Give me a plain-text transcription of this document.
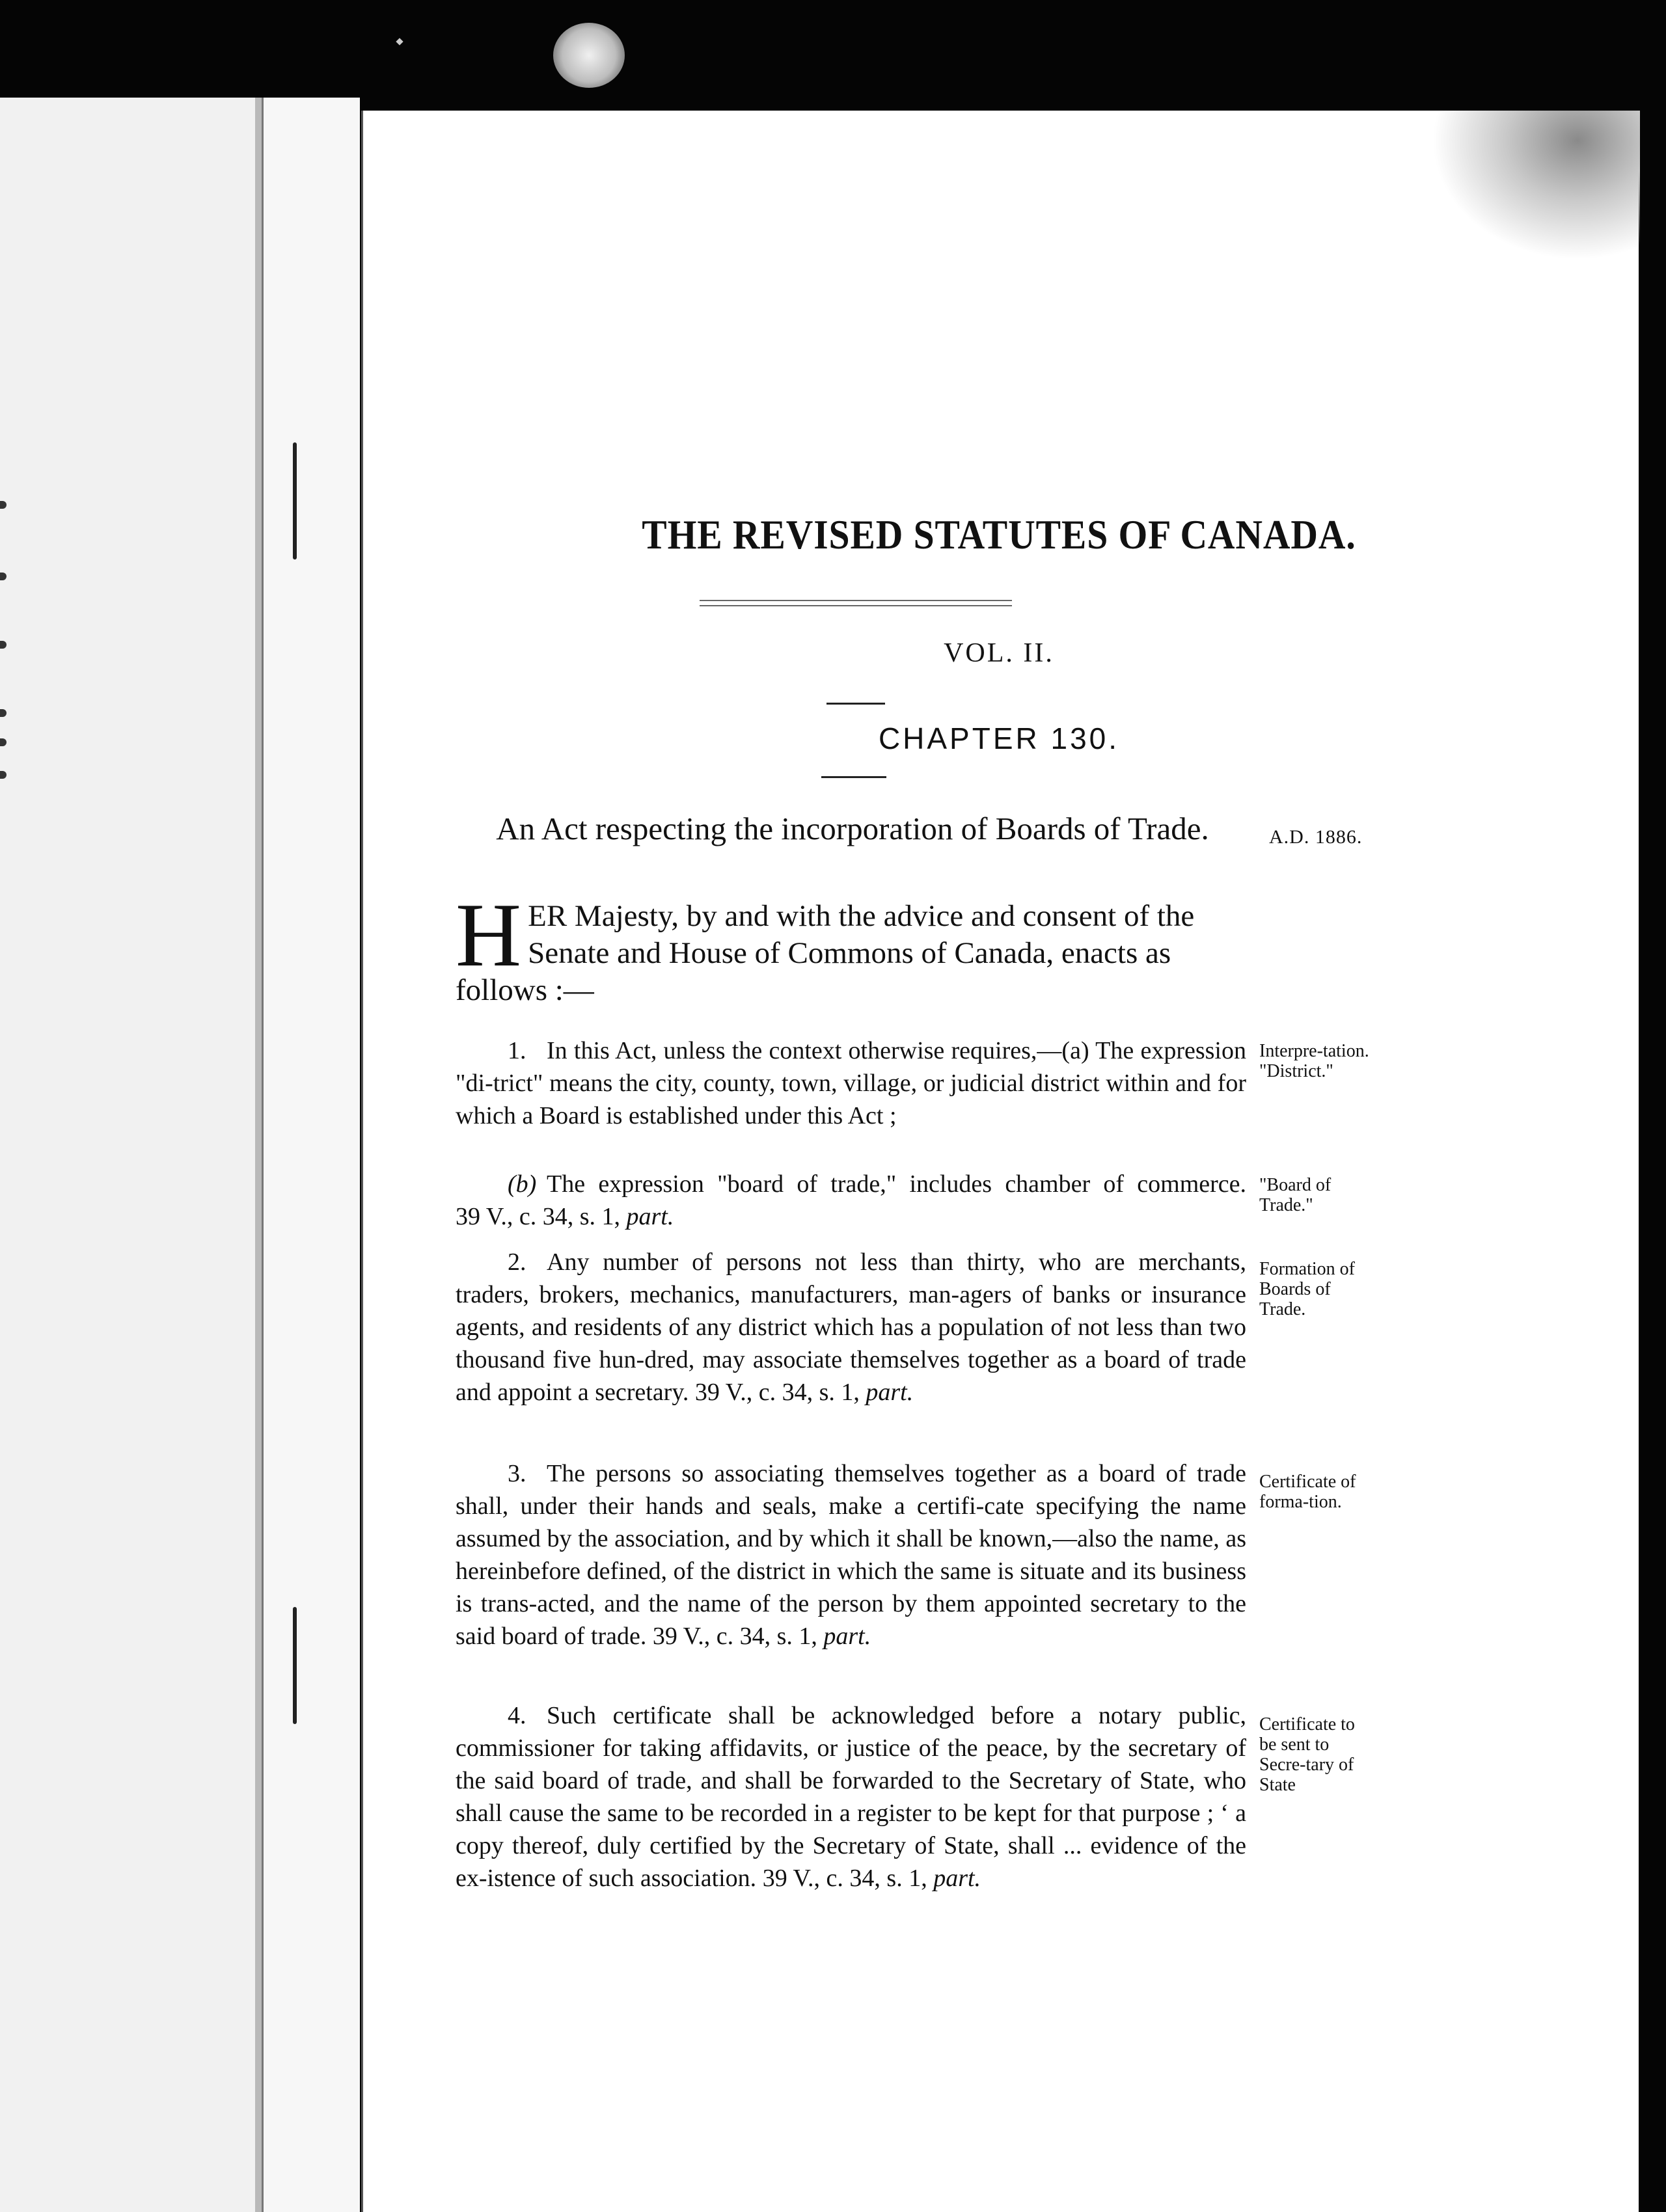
THE REVISED STATUTES OF CANADA.
VOL. II.
CHAPTER 130.
An Act respecting the incorporation of Boards of Trade.	A.D. 1886.
HER Majesty, by and with the advice and consent of the Senate and House of Commons of Canada, enacts as follows :—
1. In this Act, unless the context otherwise requires,—(a) The expression "di-trict" means the city, county, town, village, or judicial district within and for which a Board is established under this Act ;
Interpre-tation.
"District."
(b) The expression "board of trade," includes chamber of commerce. 39 V., c. 34, s. 1, part.
"Board of Trade."
2. Any number of persons not less than thirty, who are merchants, traders, brokers, mechanics, manufacturers, man-agers of banks or insurance agents, and residents of any district which has a population of not less than two thousand five hun-dred, may associate themselves together as a board of trade and appoint a secretary. 39 V., c. 34, s. 1, part.
Formation of Boards of Trade.
3. The persons so associating themselves together as a board of trade shall, under their hands and seals, make a certifi-cate specifying the name assumed by the association, and by which it shall be known,—also the name, as hereinbefore defined, of the district in which the same is situate and its business is trans-acted, and the name of the person by them appointed secretary to the said board of trade. 39 V., c. 34, s. 1, part.
Certificate of forma-tion.
4. Such certificate shall be acknowledged before a notary public, commissioner for taking affidavits, or justice of the peace, by the secretary of the said board of trade, and shall be forwarded to the Secretary of State, who shall cause the same to be recorded in a register to be kept for that purpose ; ‘ a copy thereof, duly certified by the Secretary of State, shall ... evidence of the ex-istence of such association. 39 V., c. 34, s. 1, part.
Certificate to be sent to Secre-tary of State
